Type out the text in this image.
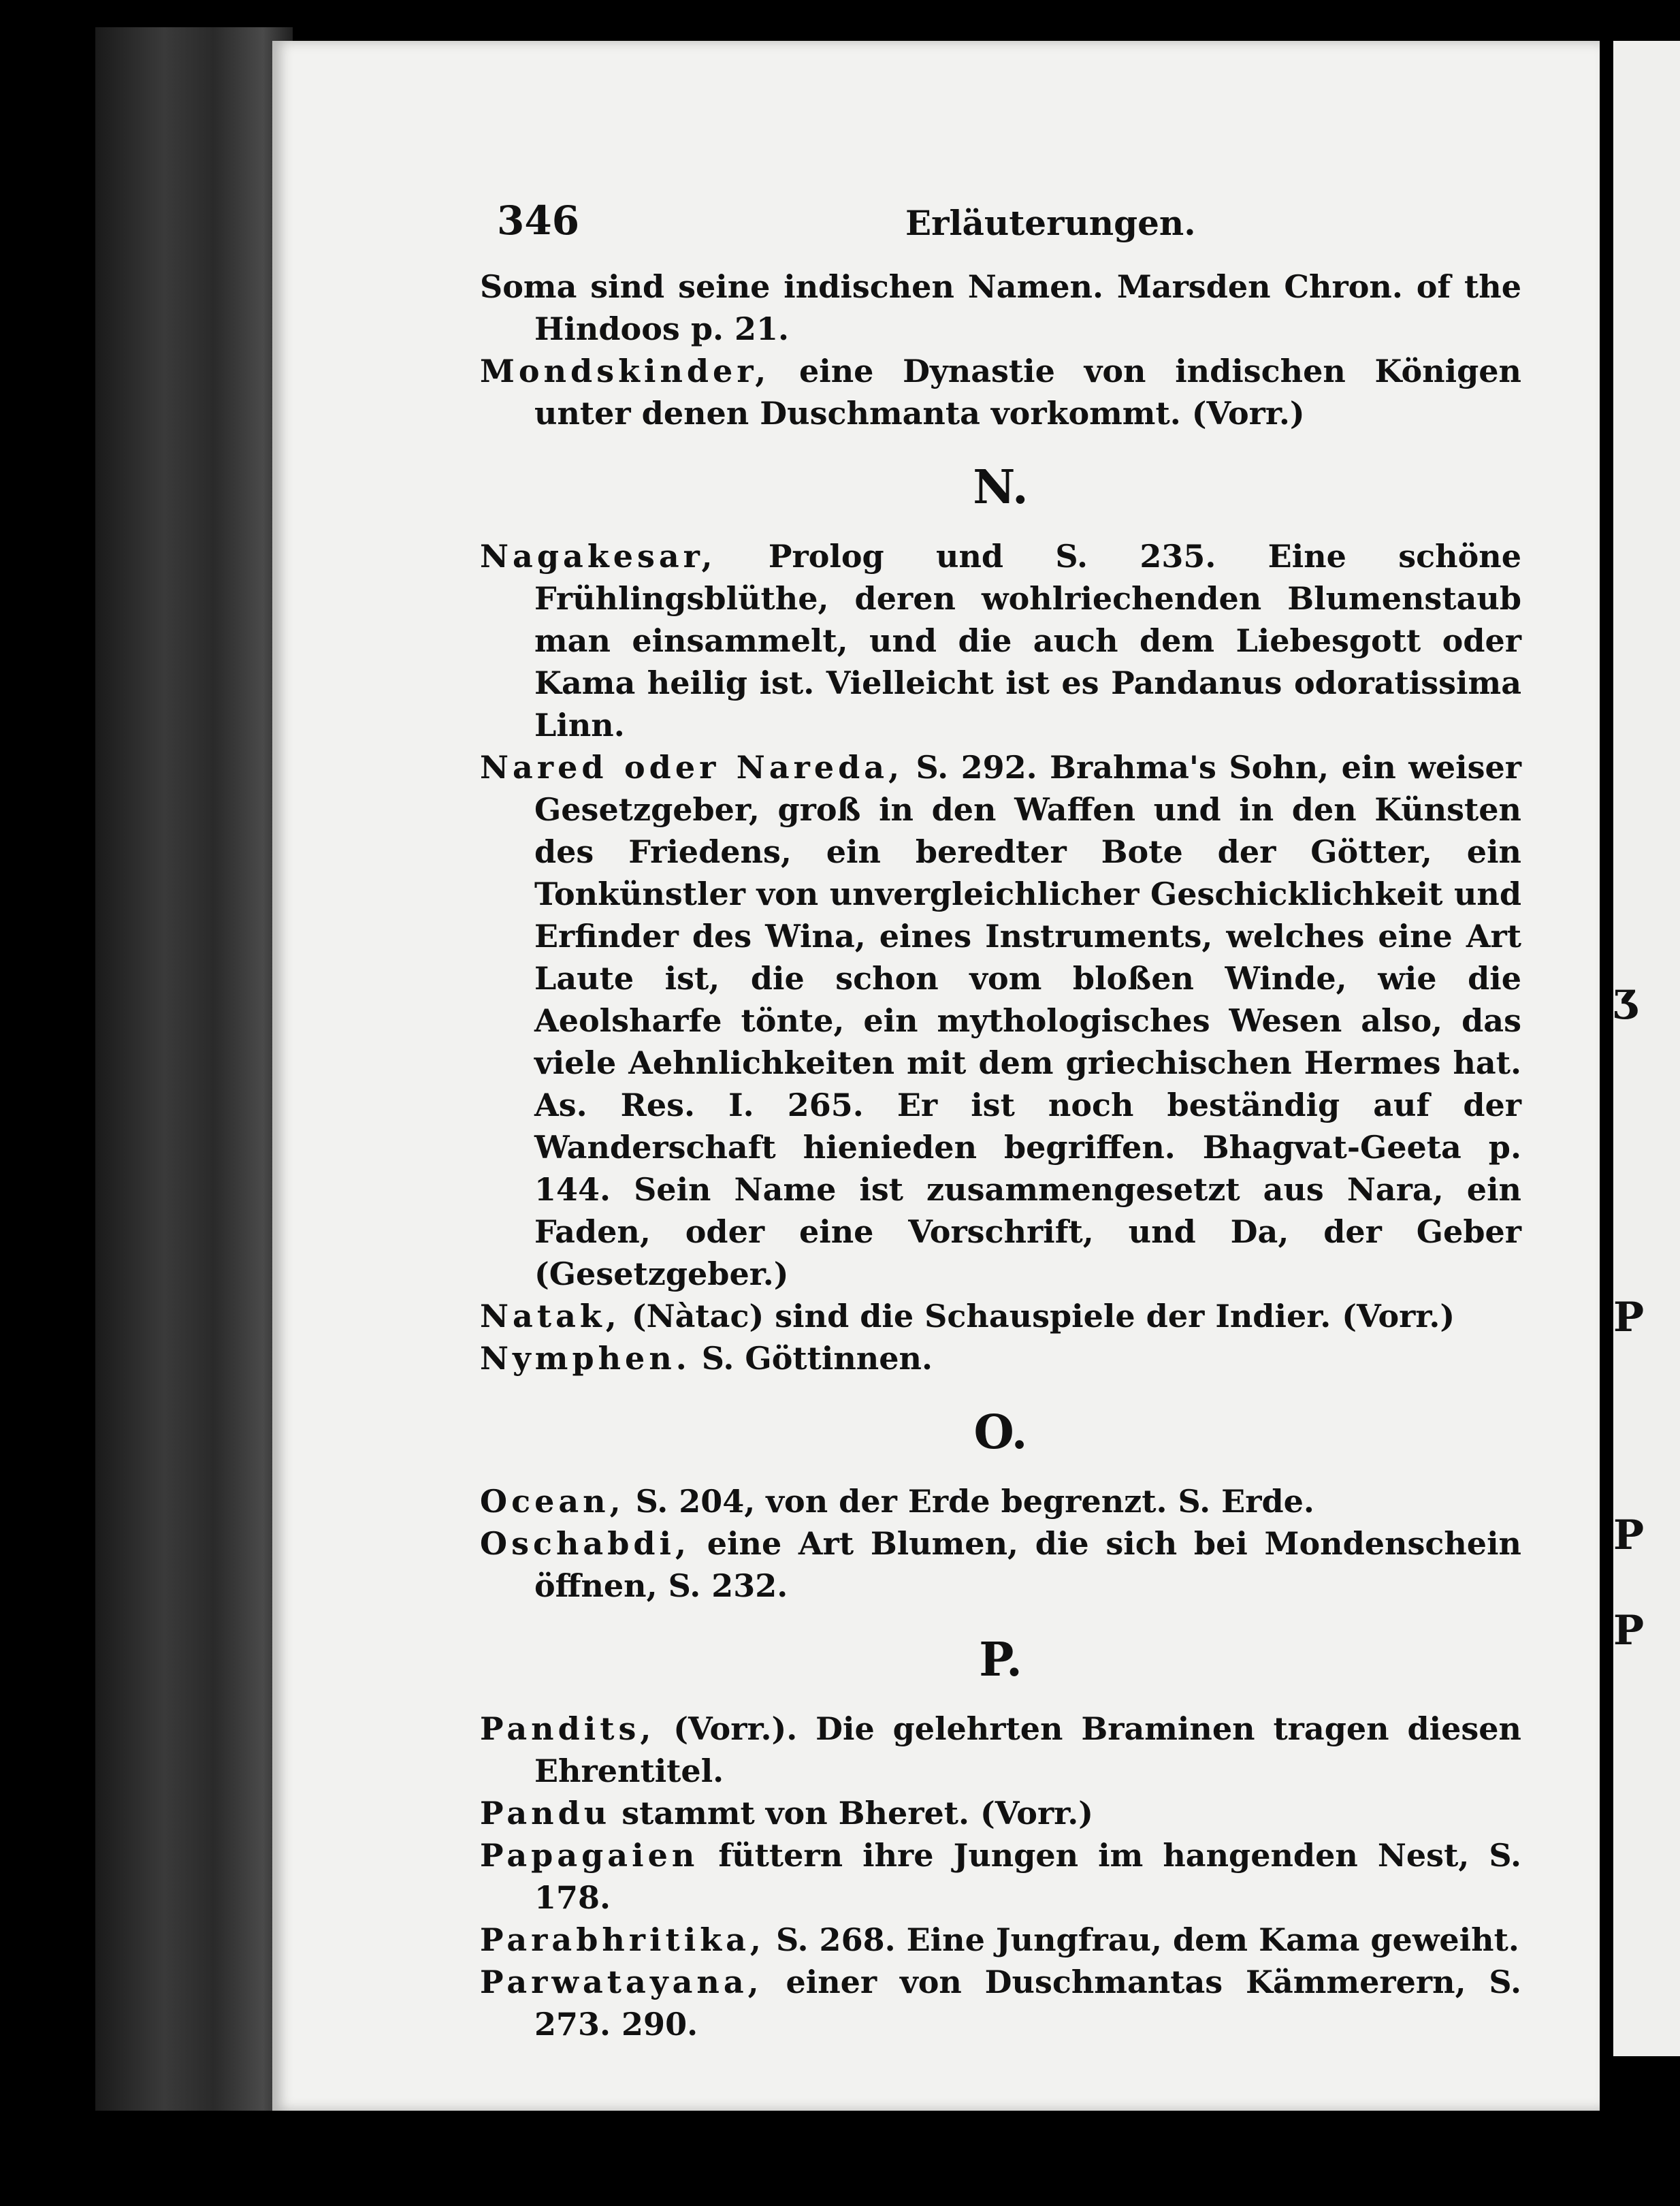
ʒ
P
P
P
346	Erläuterungen.

Soma sind seine indischen Namen. Marsden Chron. of the Hindoos p. 21.

Mondskinder, eine Dynastie von indischen Königen unter denen Duschmanta vorkommt. (Vorr.)

N.

Nagakesar, Prolog und S. 235. Eine schöne Frühlingsblüthe, deren wohlriechenden Blumenstaub man einsammelt, und die auch dem Liebesgott oder Kama heilig ist. Vielleicht ist es Pandanus odoratissima Linn.

Nared oder Nareda, S. 292. Brahma's Sohn, ein weiser Gesetzgeber, groß in den Waffen und in den Künsten des Friedens, ein beredter Bote der Götter, ein Tonkünstler von unvergleichlicher Geschicklichkeit und Erfinder des Wina, eines Instruments, welches eine Art Laute ist, die schon vom bloßen Winde, wie die Aeolsharfe tönte, ein mythologisches Wesen also, das viele Aehnlichkeiten mit dem griechischen Hermes hat. As. Res. I. 265. Er ist noch beständig auf der Wanderschaft hienieden begriffen. Bhagvat-Geeta p. 144. Sein Name ist zusammengesetzt aus Nara, ein Faden, oder eine Vorschrift, und Da, der Geber (Gesetzgeber.)

Natak, (Nàtac) sind die Schauspiele der Indier. (Vorr.)

Nymphen. S. Göttinnen.

O.

Ocean, S. 204, von der Erde begrenzt. S. Erde.

Oschabdi, eine Art Blumen, die sich bei Mondenschein öffnen, S. 232.

P.

Pandits, (Vorr.). Die gelehrten Braminen tragen diesen Ehrentitel.

Pandu stammt von Bheret. (Vorr.)

Papagaien füttern ihre Jungen im hangenden Nest, S. 178.

Parabhritika, S. 268. Eine Jungfrau, dem Kama geweiht.

Parwatayana, einer von Duschmantas Kämmerern, S. 273. 290.
